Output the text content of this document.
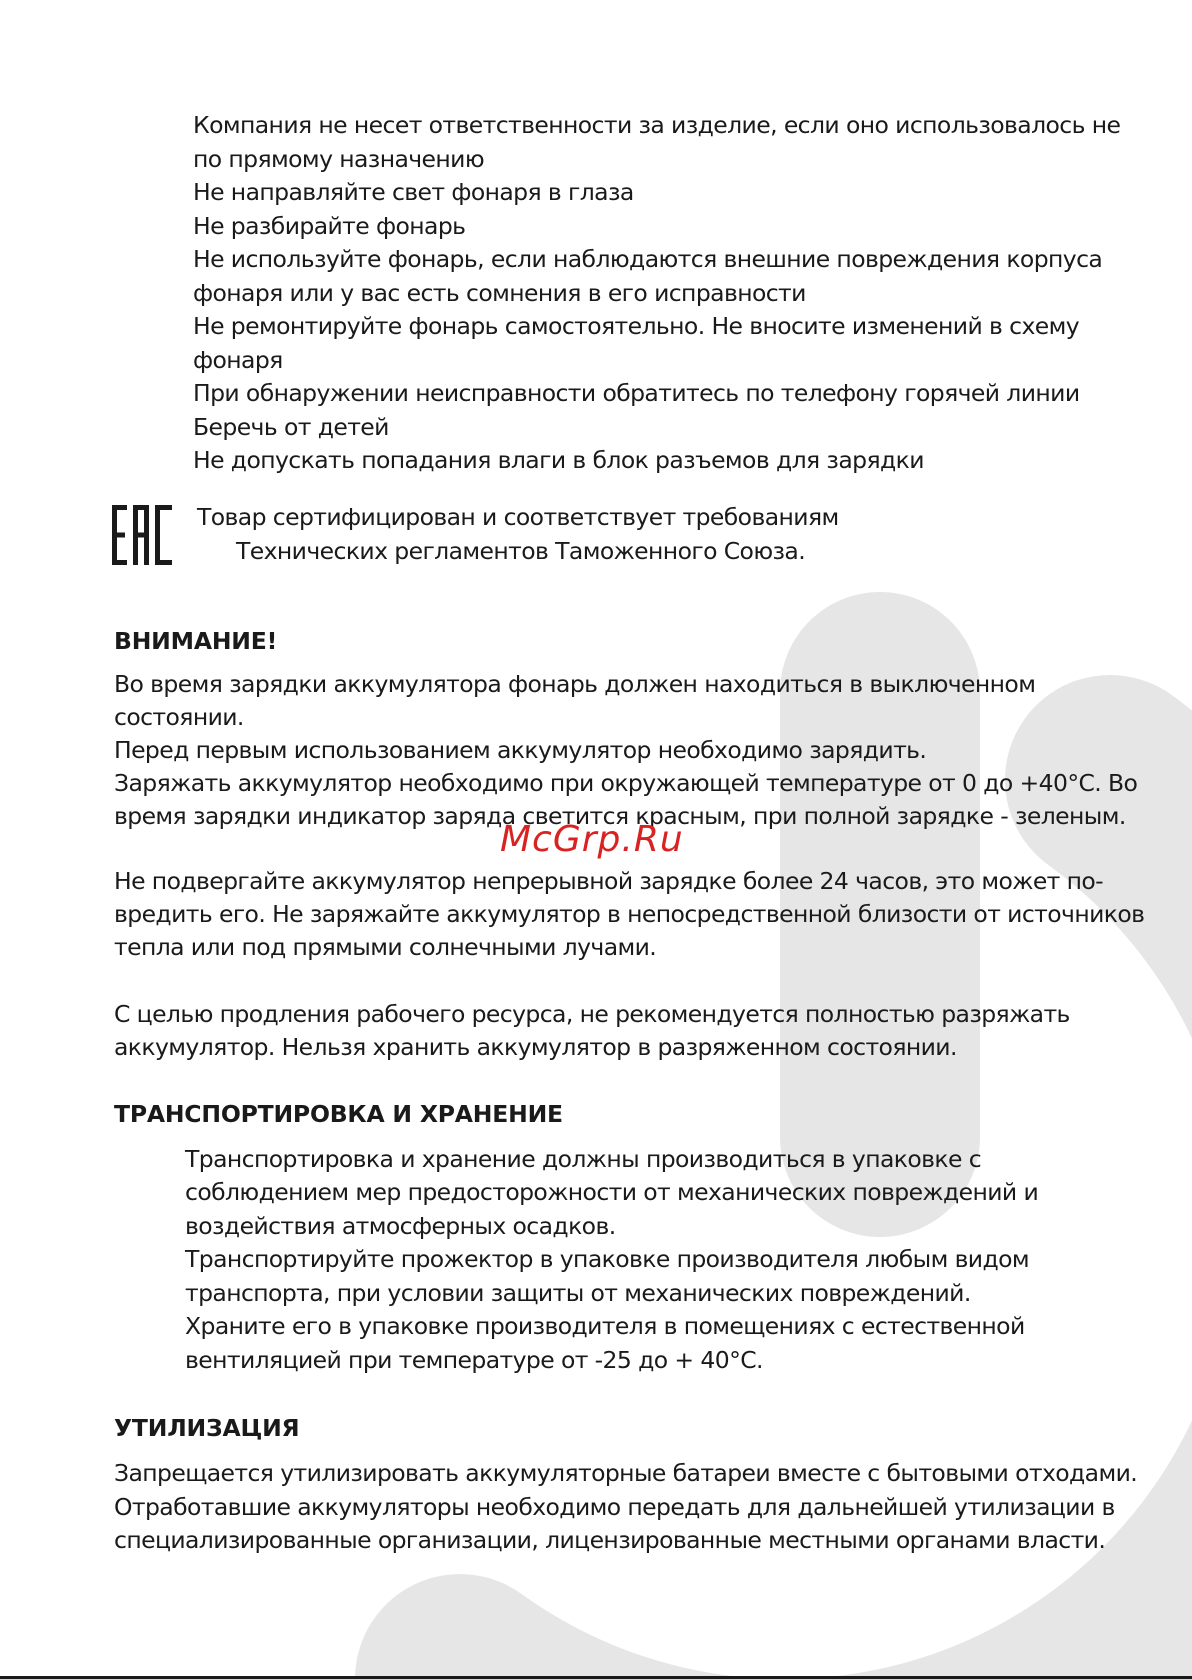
Компания не несет ответственности за изделие, если оно использовалось не
по прямому назначению
Не направляйте свет фонаря в глаза
Не разбирайте фонарь
Не используйте фонарь, если наблюдаются внешние повреждения корпуса
фонаря или у вас есть сомнения в его исправности
Не ремонтируйте фонарь самостоятельно. Не вносите изменений в схему
фонаря
При обнаружении неисправности обратитесь по телефону горячей линии
Беречь от детей
Не допускать попадания влаги в блок разъемов для зарядки
Товар сертифицирован и соответствует требованиям
Технических регламентов Таможенного Союза.
ВНИМАНИЕ!
Во время зарядки аккумулятора фонарь должен находиться в выключенном
состоянии.
Перед первым использованием аккумулятор необходимо зарядить.
Заряжать аккумулятор необходимо при окружающей температуре от 0 до +40°C. Во
время зарядки индикатор заряда светится красным, при полной зарядке - зеленым.
McGrp.Ru
Не подвергайте аккумулятор непрерывной зарядке более 24 часов, это может по-
вредить его. Не заряжайте аккумулятор в непосредственной близости от источников
тепла или под прямыми солнечными лучами.
С целью продления рабочего ресурса, не рекомендуется полностью разряжать
аккумулятор. Нельзя хранить аккумулятор в разряженном состоянии.
ТРАНСПОРТИРОВКА И ХРАНЕНИЕ
Транспортировка и хранение должны производиться в упаковке с
соблюдением мер предосторожности от механических повреждений и
воздействия атмосферных осадков.
Транспортируйте прожектор в упаковке производителя любым видом
транспорта, при условии защиты от механических повреждений.
Храните его в упаковке производителя в помещениях с естественной
вентиляцией при температуре от -25 до + 40°C.
УТИЛИЗАЦИЯ
Запрещается утилизировать аккумуляторные батареи вместе с бытовыми отходами.
Отработавшие аккумуляторы необходимо передать для дальнейшей утилизации в
специализированные организации, лицензированные местными органами власти.
